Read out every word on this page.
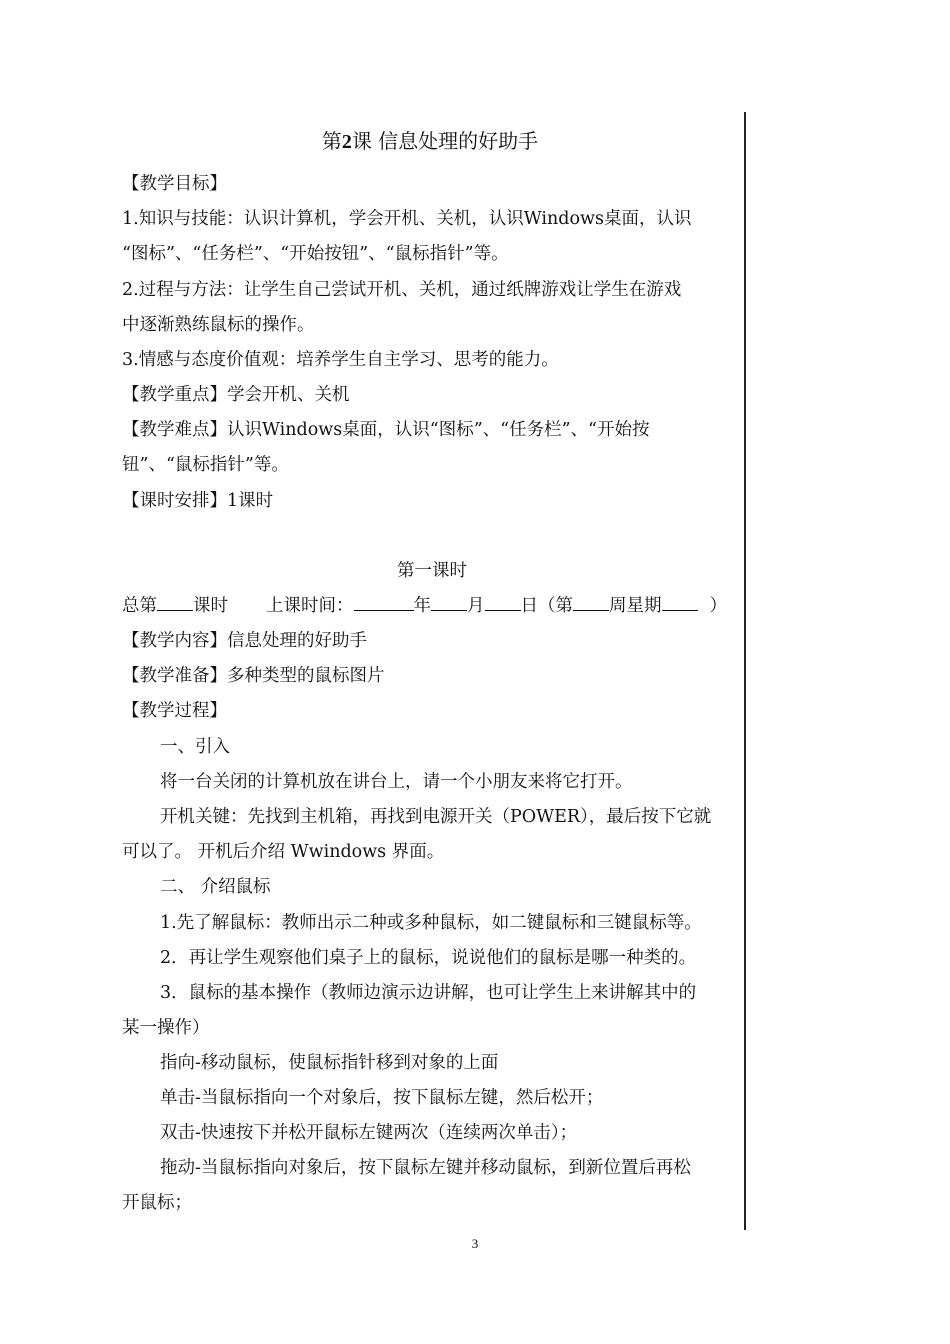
第2课 信息处理的好助手
【教学目标】
1.知识与技能：认识计算机，学会开机、关机，认识Windows桌面，认识
“图标”、“任务栏”、“开始按钮”、“鼠标指针”等。
2.过程与方法：让学生自己尝试开机、关机，通过纸牌游戏让学生在游戏
中逐渐熟练鼠标的操作。
3.情感与态度价值观：培养学生自主学习、思考的能力。
【教学重点】学会开机、关机
【教学难点】认识Windows桌面，认识“图标”、“任务栏”、“开始按
钮”、“鼠标指针”等。
【课时安排】1课时
第一课时
总第 课时 上课时间：	年 月 日（第 周星期	）
【教学内容】信息处理的好助手
【教学准备】多种类型的鼠标图片
【教学过程】
一、引入
将一台关闭的计算机放在讲台上，请一个小朋友来将它打开。
开机关键：先找到主机箱，再找到电源开关（POWER），最后按下它就
可以了。 开机后介绍 Wwindows 界面。
二、 介绍鼠标
1.先了解鼠标：教师出示二种或多种鼠标，如二键鼠标和三键鼠标等。
2．再让学生观察他们桌子上的鼠标，说说他们的鼠标是哪一种类的。
3．鼠标的基本操作（教师边演示边讲解，也可让学生上来讲解其中的
某一操作）
指向-移动鼠标，使鼠标指针移到对象的上面
单击-当鼠标指向一个对象后，按下鼠标左键，然后松开；
双击-快速按下并松开鼠标左键两次（连续两次单击）；
拖动-当鼠标指向对象后，按下鼠标左键并移动鼠标，到新位置后再松
开鼠标；
3
